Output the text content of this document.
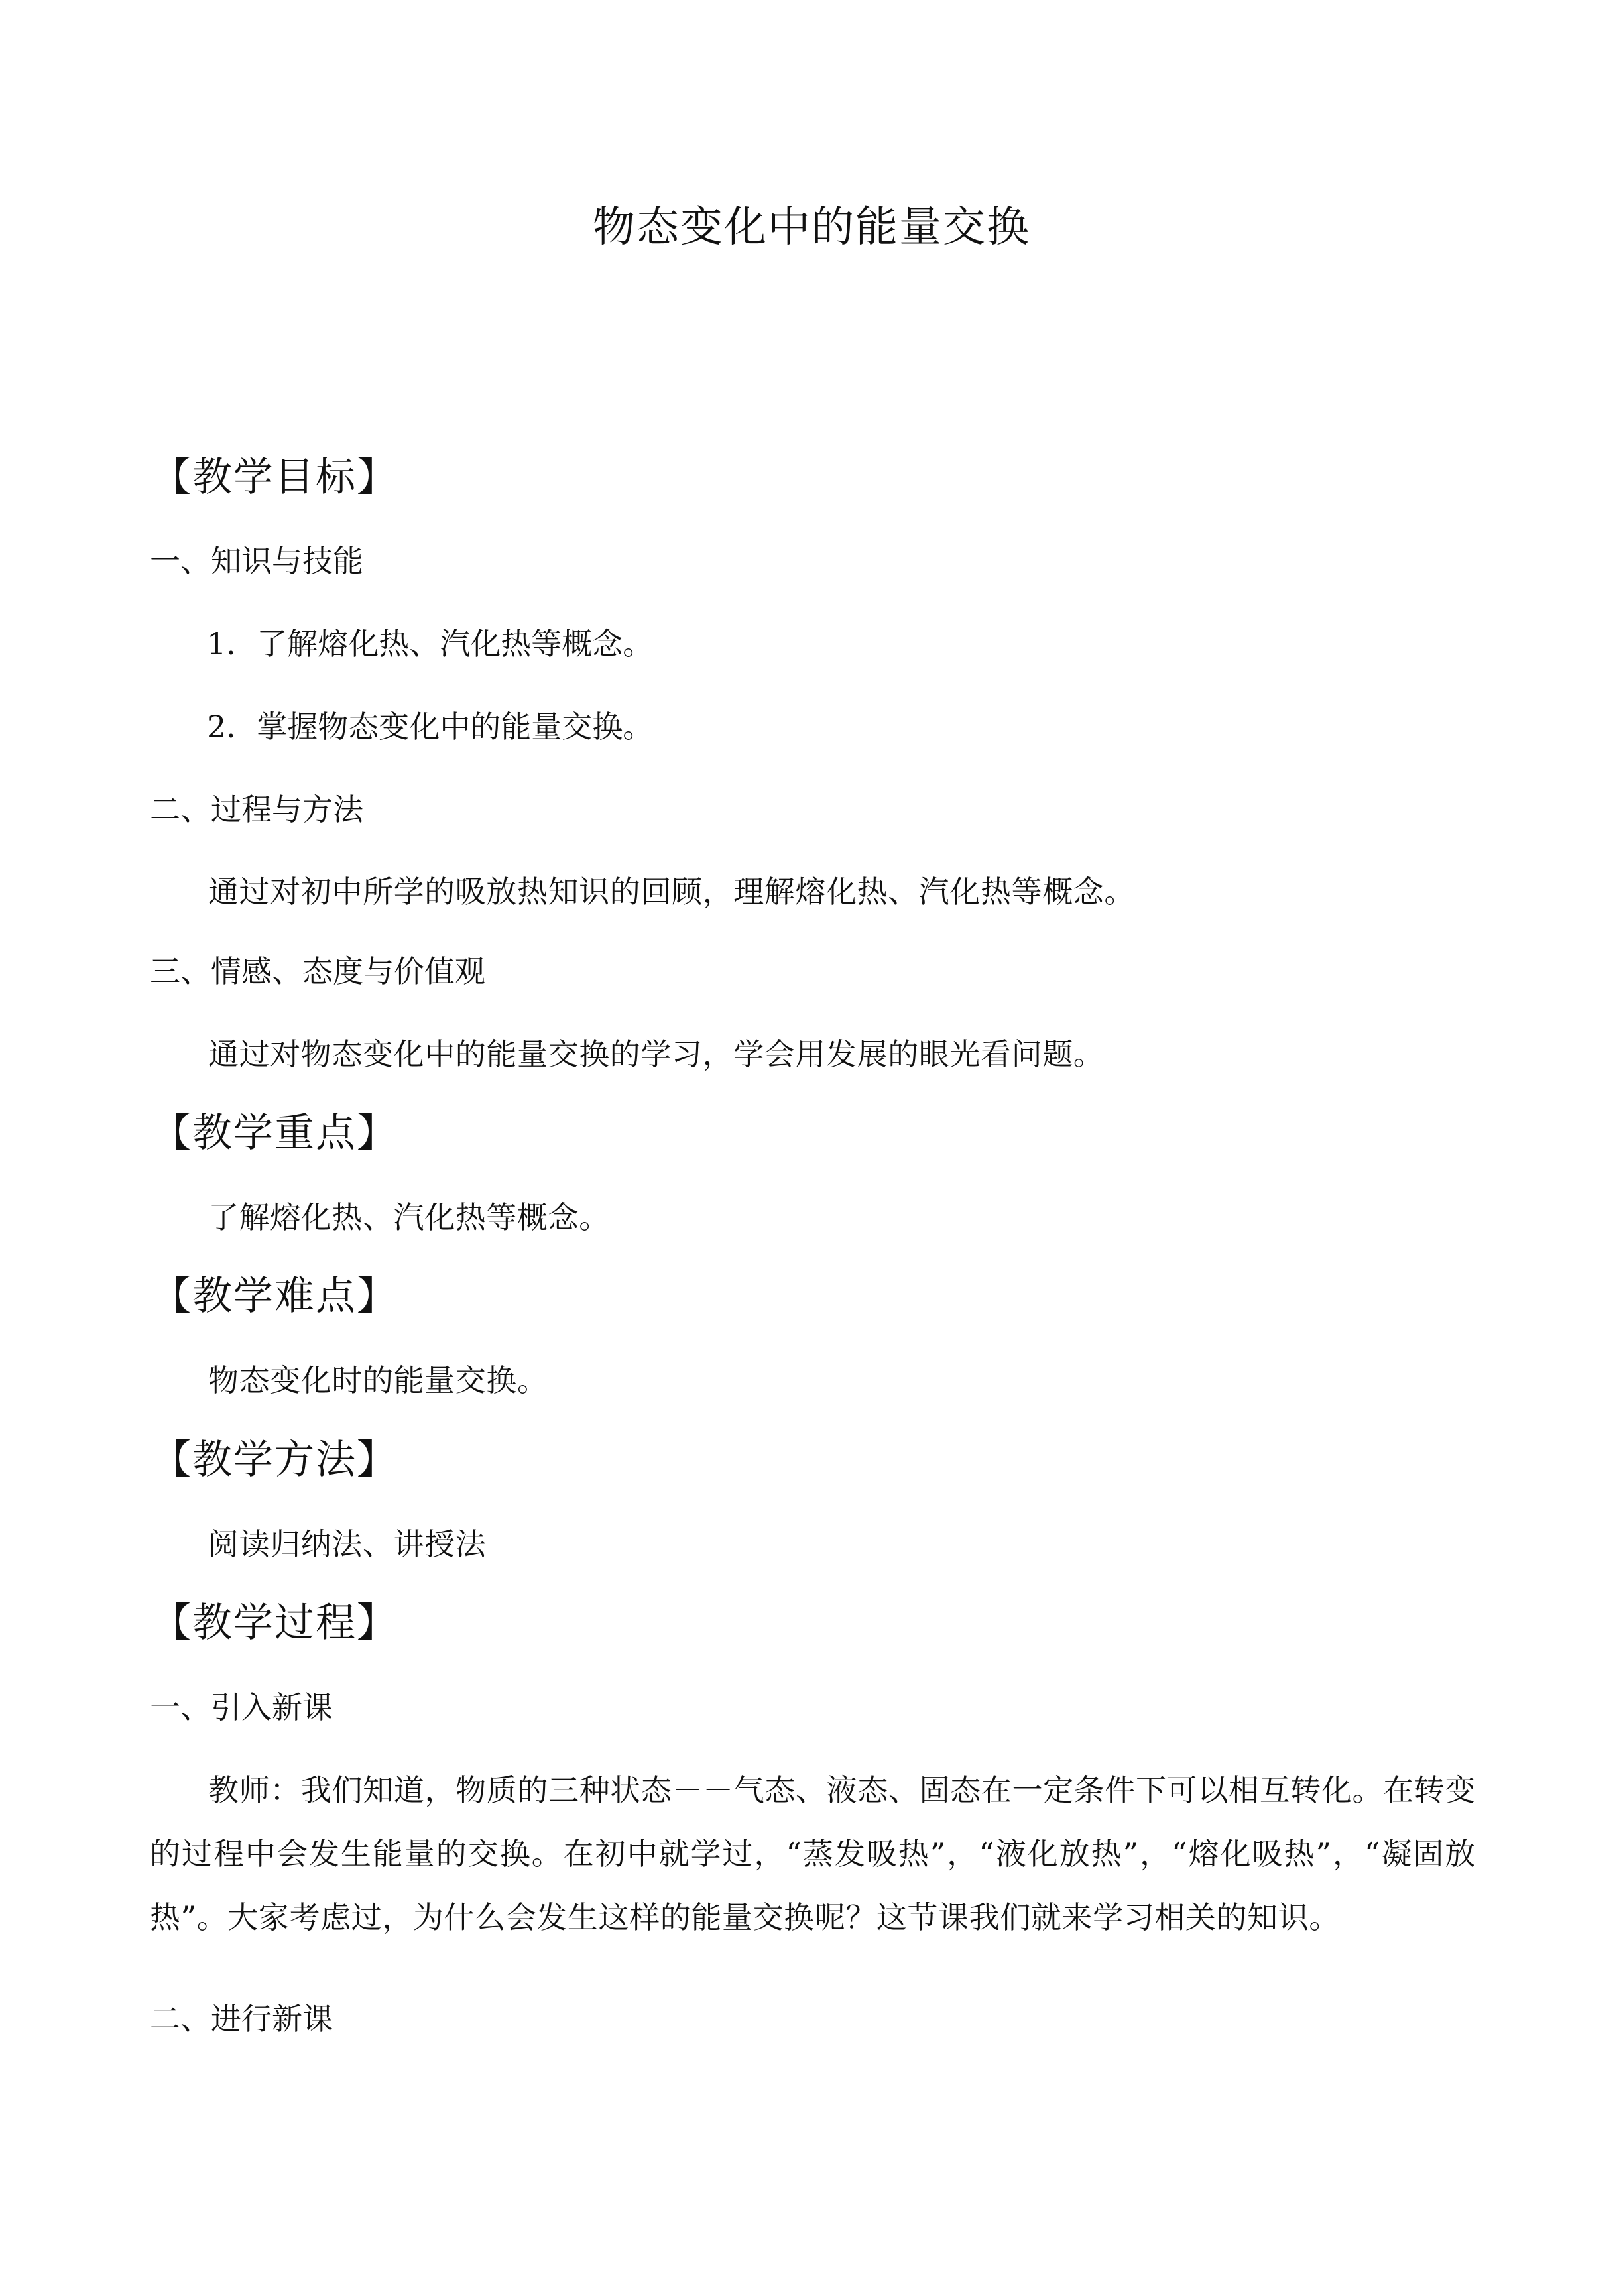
物态变化中的能量交换
【教学目标】
一、知识与技能
1．了解熔化热、汽化热等概念。
2．掌握物态变化中的能量交换。
二、过程与方法
通过对初中所学的吸放热知识的回顾，理解熔化热、汽化热等概念。
三、情感、态度与价值观
通过对物态变化中的能量交换的学习，学会用发展的眼光看问题。
【教学重点】
了解熔化热、汽化热等概念。
【教学难点】
物态变化时的能量交换。
【教学方法】
阅读归纳法、讲授法
【教学过程】
一、引入新课
教师：我们知道，物质的三种状态－－气态、液态、固态在一定条件下可以相互转化。在转变的过程中会发生能量的交换。在初中就学过，“蒸发吸热”，“液化放热”，“熔化吸热”，“凝固放热”。大家考虑过，为什么会发生这样的能量交换呢？这节课我们就来学习相关的知识。
二、进行新课
